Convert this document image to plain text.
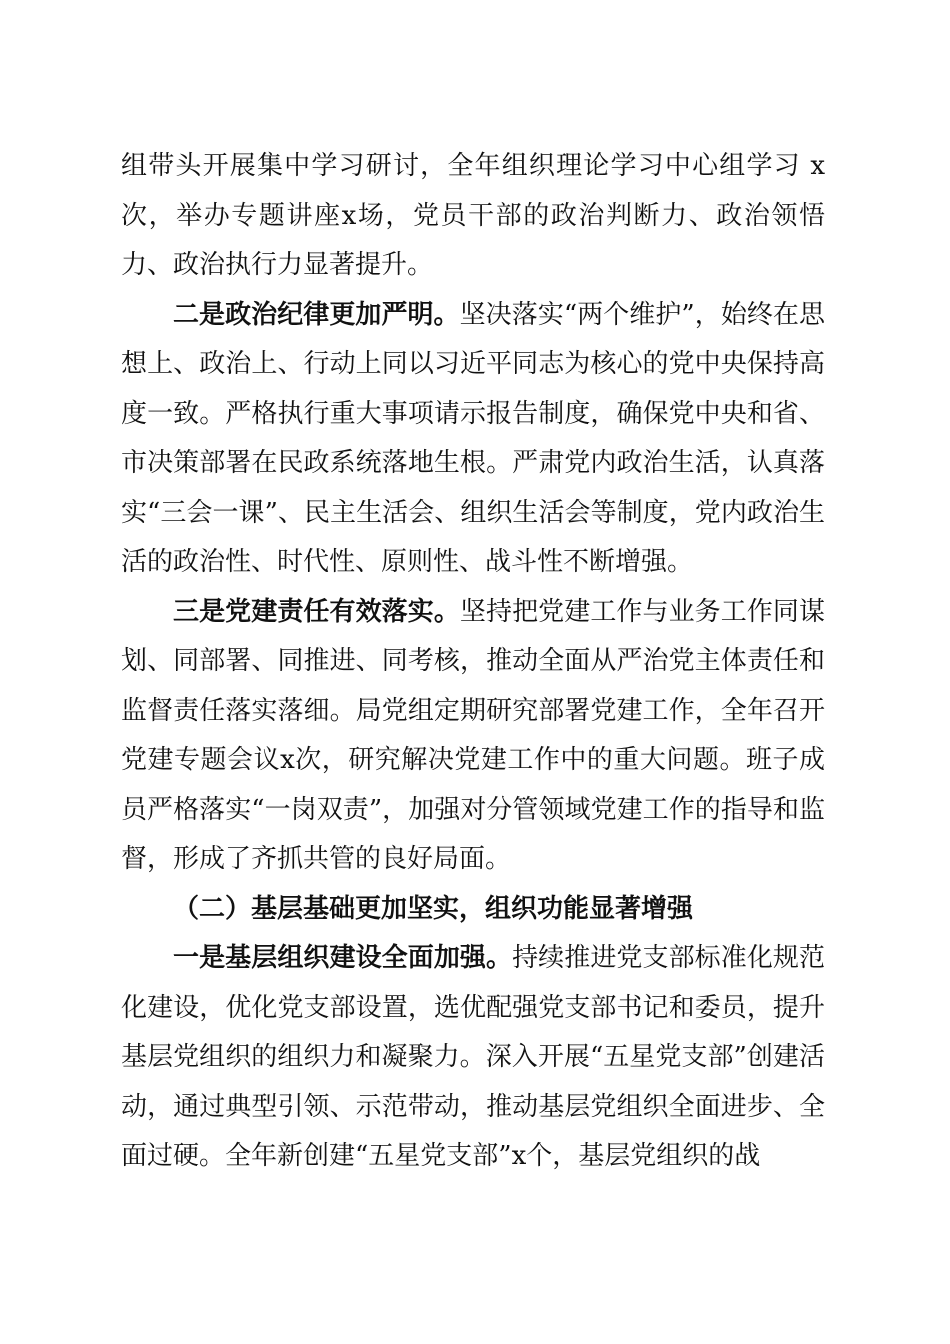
组带头开展集中学习研讨，全年组织理论学习中心组学习 x次，举办专题讲座x场，党员干部的政治判断力、政治领悟力、政治执行力显著提升。

二是政治纪律更加严明。坚决落实“两个维护”，始终在思想上、政治上、行动上同以习近平同志为核心的党中央保持高度一致。严格执行重大事项请示报告制度，确保党中央和省、市决策部署在民政系统落地生根。严肃党内政治生活，认真落实“三会一课”、民主生活会、组织生活会等制度，党内政治生活的政治性、时代性、原则性、战斗性不断增强。

三是党建责任有效落实。坚持把党建工作与业务工作同谋划、同部署、同推进、同考核，推动全面从严治党主体责任和监督责任落实落细。局党组定期研究部署党建工作，全年召开党建专题会议x次，研究解决党建工作中的重大问题。班子成员严格落实“一岗双责”，加强对分管领域党建工作的指导和监督，形成了齐抓共管的良好局面。

（二）基层基础更加坚实，组织功能显著增强

一是基层组织建设全面加强。持续推进党支部标准化规范化建设，优化党支部设置，选优配强党支部书记和委员，提升基层党组织的组织力和凝聚力。深入开展“五星党支部”创建活动，通过典型引领、示范带动，推动基层党组织全面进步、全面过硬。全年新创建“五星党支部”x个，基层党组织的战
